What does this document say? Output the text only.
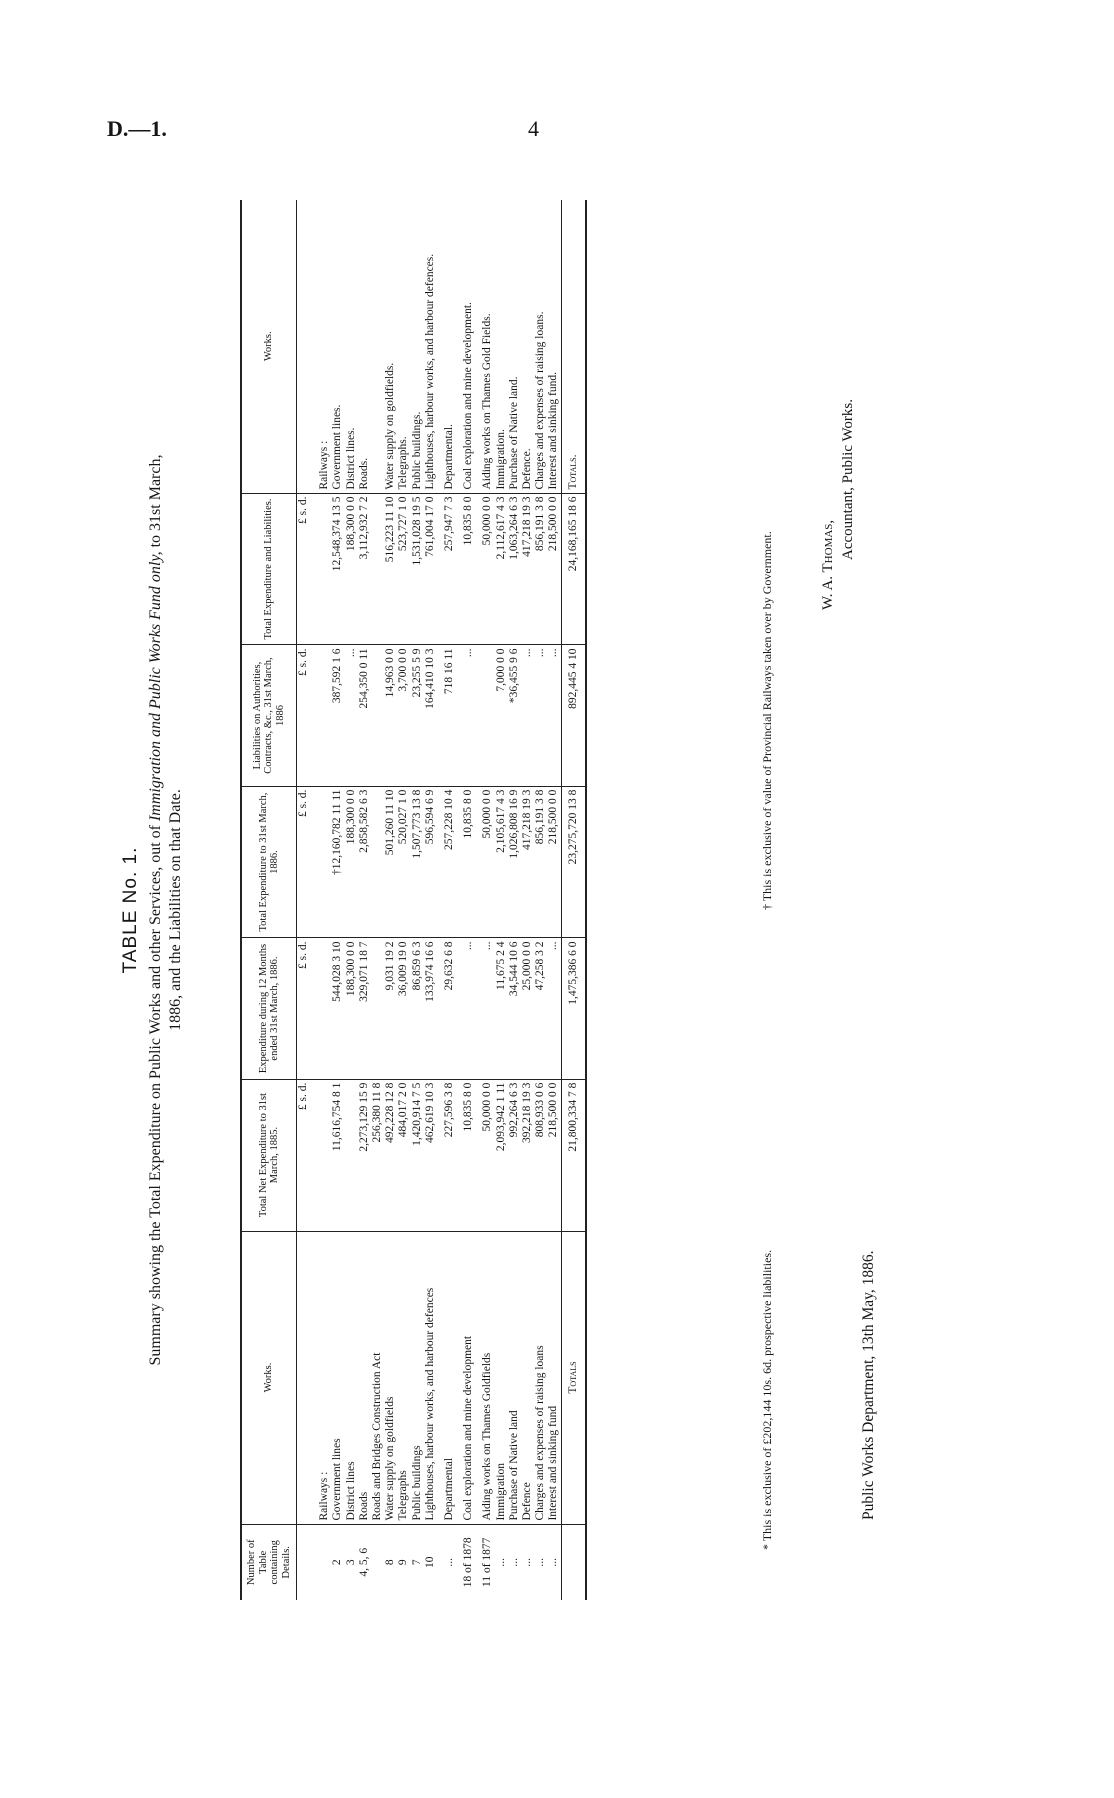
D.—1.	4
TABLE No. 1. Summary showing the Total Expenditure on Public Works and other Services, out of Immigration and Public Works Fund only, to 31st March,
1886, and the Liabilities on that Date.
Number of Table containing Details.	Works.	Total Net Expenditure to 31st March, 1885.	Expenditure during 12 Months ended 31st March, 1886.	Total Expenditure to 31st March, 1886.	Liabilities on Authorities, Contracts, &c., 31st March, 1886	Total Expenditure and Liabilities.	Works.
		£ s. d.	£ s. d.	£ s. d.	£ s. d.	£ s. d.	
	Railways :						Railways :
2	Government lines	11,616,754 8 1	544,028 3 10	†12,160,782 11 11	387,592 1 6	12,548,374 13 5	Government lines.
3	District lines		188,300 0 0	188,300 0 0	...	188,300 0 0	District lines.
4, 5, 6	Roads	2,273,129 15 9	329,071 18 7	2,858,582 6 3	254,350 0 11	3,112,932 7 2	Roads.
	Roads and Bridges Construction Act	256,380 11 8					
8	Water supply on goldfields	492,228 12 8	9,031 19 2	501,260 11 10	14,963 0 0	516,223 11 10	Water supply on goldfields.
9	Telegraphs	484,017 2 0	36,009 19 0	520,027 1 0	3,700 0 0	523,727 1 0	Telegraphs.
7	Public buildings	1,420,914 7 5	86,859 6 3	1,507,773 13 8	23,255 5 9	1,531,028 19 5	Public buildings.
10	Lighthouses, harbour works, and harbour defences	462,619 10 3	133,974 16 6	596,594 6 9	164,410 10 3	761,004 17 0	Lighthouses, harbour works, and harbour defences.
...	Departmental	227,596 3 8	29,632 6 8	257,228 10 4	718 16 11	257,947 7 3	Departmental.
18 of 1878	Coal exploration and mine development	10,835 8 0	...	10,835 8 0	...	10,835 8 0	Coal exploration and mine development.
11 of 1877	Aiding works on Thames Goldfields	50,000 0 0	...	50,000 0 0		50,000 0 0	Aiding works on Thames Gold Fields.
...	Immigration	2,093,942 1 11	11,675 2 4	2,105,617 4 3	7,000 0 0	2,112,617 4 3	Immigration.
...	Purchase of Native land	992,264 6 3	34,544 10 6	1,026,808 16 9	*36,455 9 6	1,063,264 6 3	Purchase of Native land.
...	Defence	392,218 19 3	25,000 0 0	417,218 19 3	...	417,218 19 3	Defence.
...	Charges and expenses of raising loans	808,933 0 6	47,258 3 2	856,191 3 8	...	856,191 3 8	Charges and expenses of raising loans.
...	Interest and sinking fund	218,500 0 0	...	218,500 0 0	...	218,500 0 0	Interest and sinking fund.
	Totals	21,800,334 7 8	1,475,386 6 0	23,275,720 13 8	892,445 4 10	24,168,165 18 6	Totals.
* This is exclusive of £202,144 10s. 6d. prospective liabilities.
† This is exclusive of value of Provincial Railways taken over by Government.
Public Works Department, 13th May, 1886.
W. A. Thomas,
Accountant, Public Works.
